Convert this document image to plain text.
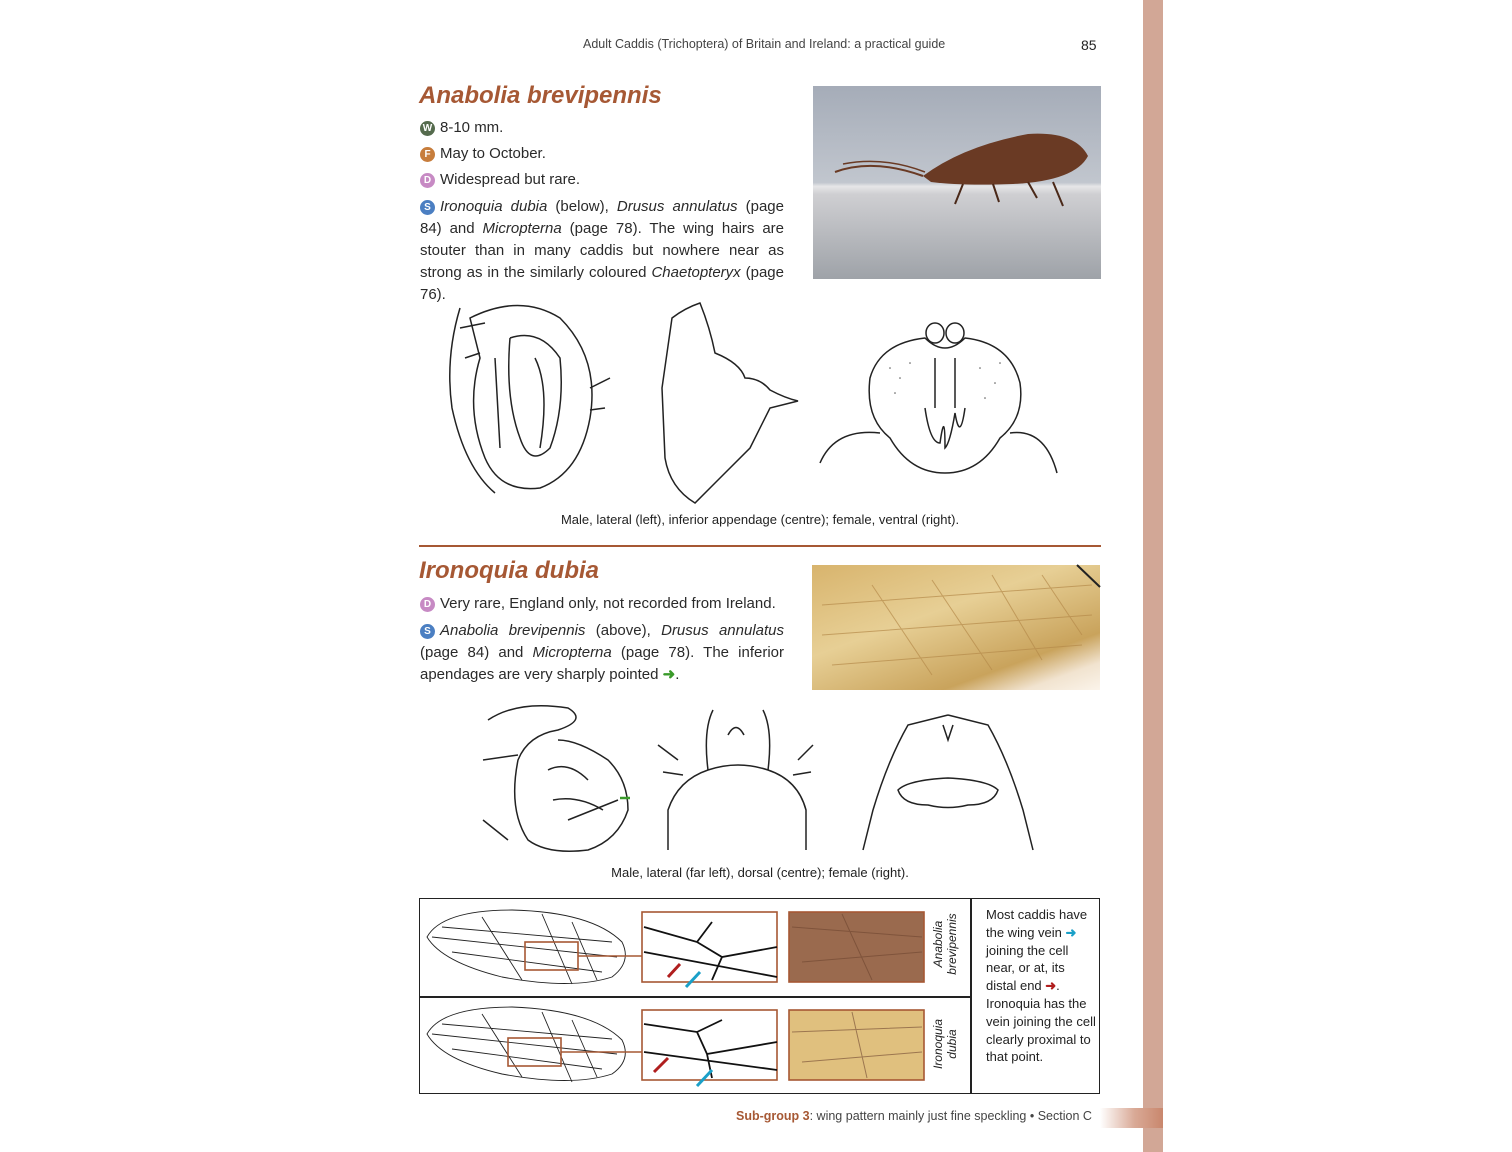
Adult Caddis (Trichoptera) of Britain and Ireland: a practical guide	85
Anabolia brevipennis
W 8-10 mm.
F May to October.
D Widespread but rare.
S Ironoquia dubia (below), Drusus annulatus (page 84) and Micropterna (page 78). The wing hairs are stouter than in many caddis but nowhere near as strong as in the similarly coloured Chaetopteryx (page 76).
Male, lateral (left), inferior appendage (centre); female, ventral (right).
Ironoquia dubia
D Very rare, England only, not recorded from Ireland.
S Anabolia brevipennis (above), Drusus annulatus (page 84) and Micropterna (page 78). The inferior apendages are very sharply pointed ➜.
Male, lateral (far left), dorsal (centre); female (right).
Anabolia brevipennis
Ironoquia dubia
Most caddis have the wing vein ➜ joining the cell near, or at, its distal end ➜. Ironoquia has the vein joining the cell clearly proximal to that point.
Sub-group 3: wing pattern mainly just fine speckling • Section C
